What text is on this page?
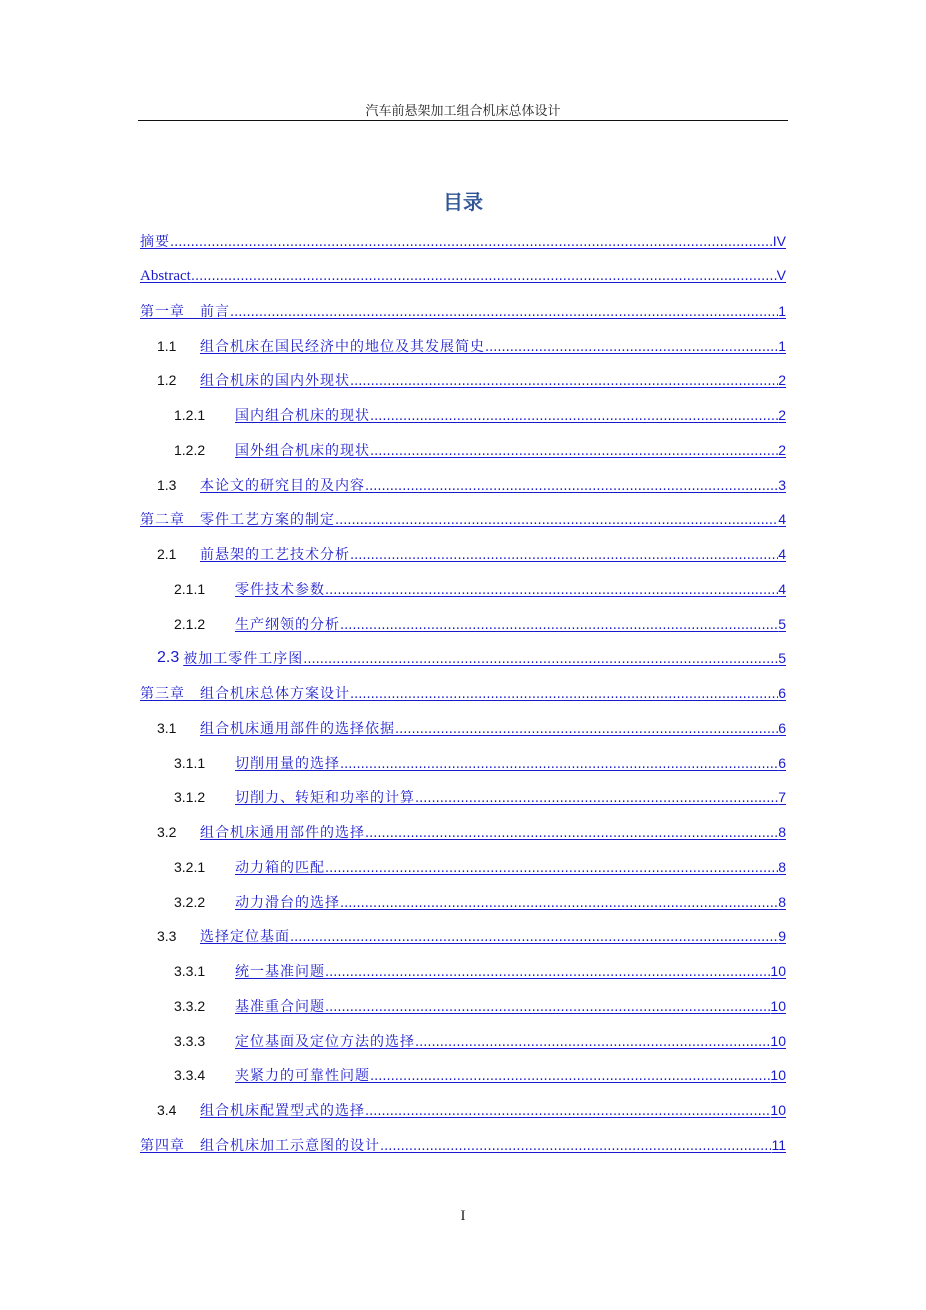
汽车前悬架加工组合机床总体设计
目录
摘要 .....	IV
Abstract .....	V
第一章　前言 .....	1
1.1	组合机床在国民经济中的地位及其发展简史 .....	1
1.2	组合机床的国内外现状 .....	2
1.2.1	国内组合机床的现状 .....	2
1.2.2	国外组合机床的现状 .....	2
1.3	本论文的研究目的及内容 .....	3
第二章　零件工艺方案的制定 .....	4
2.1	前悬架的工艺技术分析 .....	4
2.1.1	零件技术参数 .....	4
2.1.2	生产纲领的分析 .....	5
2.3 被加工零件工序图 .....	5
第三章　组合机床总体方案设计 .....	6
3.1	组合机床通用部件的选择依据 .....	6
3.1.1	切削用量的选择 .....	6
3.1.2	切削力、转矩和功率的计算 .....	7
3.2	组合机床通用部件的选择 .....	8
3.2.1	动力箱的匹配 .....	8
3.2.2	动力滑台的选择 .....	8
3.3	选择定位基面 .....	9
3.3.1	统一基准问题 .....	10
3.3.2	基准重合问题 .....	10
3.3.3	定位基面及定位方法的选择 .....	10
3.3.4	夹紧力的可靠性问题 .....	10
3.4	组合机床配置型式的选择 .....	10
第四章　组合机床加工示意图的设计 .....	11
I
